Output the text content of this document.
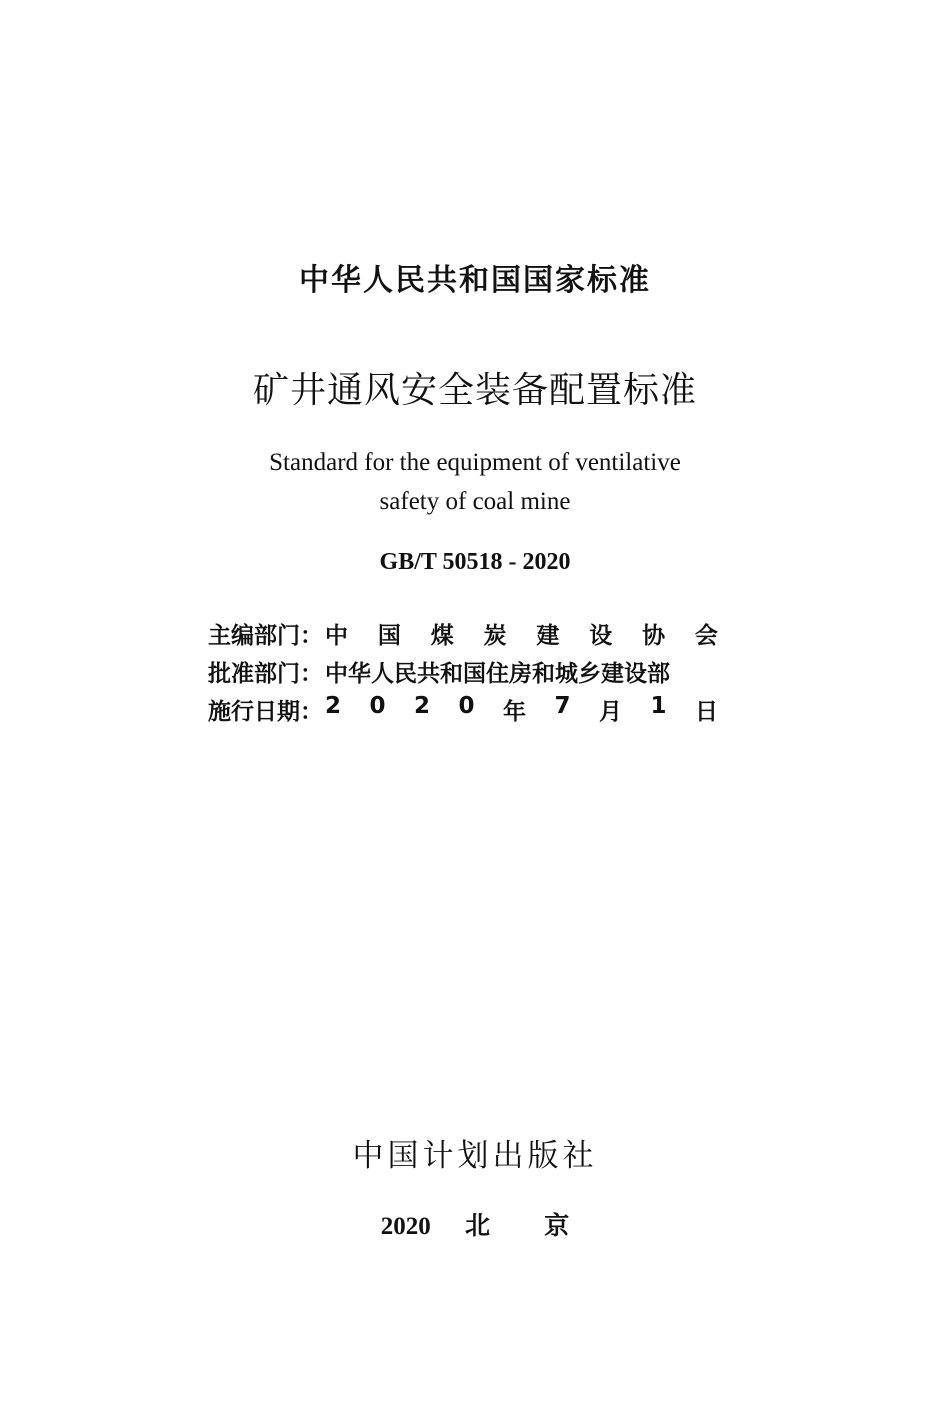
中华人民共和国国家标准
矿井通风安全装备配置标准
Standard for the equipment of ventilative
safety of coal mine
GB/T 50518 - 2020
主编部门： 中 国 煤 炭 建 设 协 会
批准部门： 中华人民共和国住房和城乡建设部
施行日期： 2 0 2 0 年 7 月 1 日
中国计划出版社
2020 北 京
